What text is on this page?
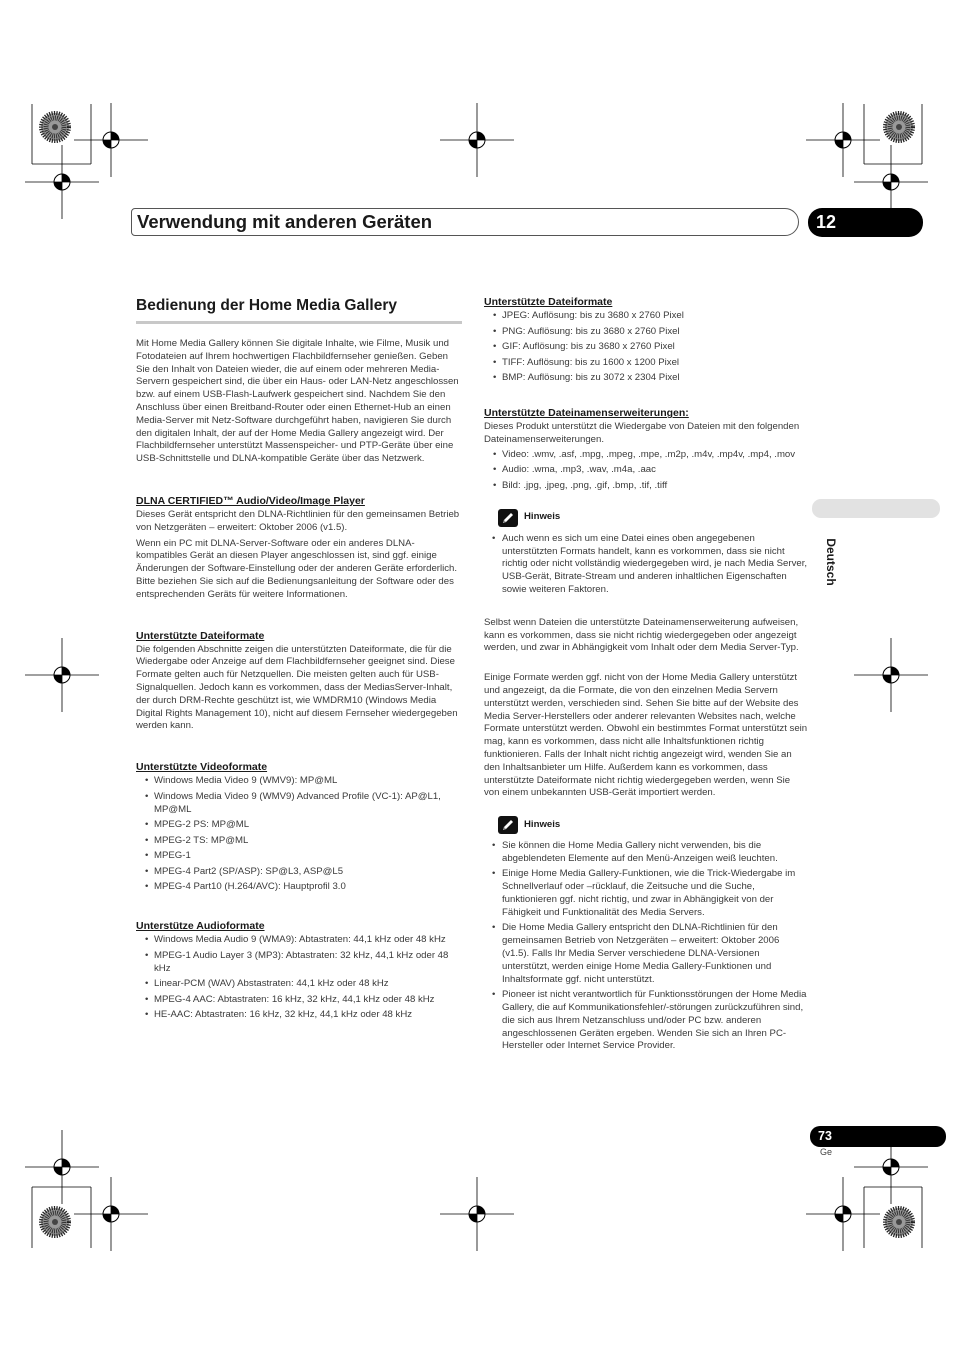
Verwendung mit anderen Geräten	12
Deutsch
Bedienung der Home Media Gallery

Mit Home Media Gallery können Sie digitale Inhalte, wie Filme, Musik und Fotodateien auf Ihrem hochwertigen Flachbildfernseher genießen. Geben Sie den Inhalt von Dateien wieder, die auf einem oder mehreren Media-Servern gespeichert sind, die über ein Haus- oder LAN-Netz angeschlossen bzw. auf einem USB-Flash-Laufwerk gespeichert sind. Nachdem Sie den Anschluss über einen Breitband-Router oder einen Ethernet-Hub an einen Media-Server mit Netz-Software durchgeführt haben, navigieren Sie durch den digitalen Inhalt, der auf der Home Media Gallery angezeigt wird. Der Flachbildfernseher unterstützt Massenspeicher- und PTP-Geräte über eine USB-Schnittstelle und DLNA-kompatible Geräte über das Netzwerk.

DLNA CERTIFIED™ Audio/Video/Image Player

Dieses Gerät entspricht den DLNA-Richtlinien für den gemeinsamen Betrieb von Netzgeräten – erweitert: Oktober 2006 (v1.5).

Wenn ein PC mit DLNA-Server-Software oder ein anderes DLNA-kompatibles Gerät an diesen Player angeschlossen ist, sind ggf. einige Änderungen der Software-Einstellung oder der anderen Geräte erforderlich. Bitte beziehen Sie sich auf die Bedienungsanleitung der Software oder des entsprechenden Geräts für weitere Informationen.

Unterstützte Dateiformate

Die folgenden Abschnitte zeigen die unterstützten Dateiformate, die für die Wiedergabe oder Anzeige auf dem Flachbildfernseher geeignet sind. Diese Formate gelten auch für Netzquellen. Die meisten gelten auch für USB-Signalquellen. Jedoch kann es vorkommen, dass der MediasServer-Inhalt, der durch DRM-Rechte geschützt ist, wie WMDRM10 (Windows Media Digital Rights Management 10), nicht auf diesem Fernseher wiedergegeben werden kann.

Unterstützte Videoformate
• Windows Media Video 9 (WMV9): MP@ML
• Windows Media Video 9 (WMV9) Advanced Profile (VC-1): AP@L1, MP@ML
• MPEG-2 PS: MP@ML
• MPEG-2 TS: MP@ML
• MPEG-1
• MPEG-4 Part2 (SP/ASP): SP@L3, ASP@L5
• MPEG-4 Part10 (H.264/AVC): Hauptprofil 3.0
Unterstütze Audioformate
• Windows Media Audio 9 (WMA9): Abtastraten: 44,1 kHz oder 48 kHz
• MPEG-1 Audio Layer 3 (MP3): Abtastraten: 32 kHz, 44,1 kHz oder 48 kHz
• Linear-PCM (WAV) Abstastraten: 44,1 kHz oder 48 kHz
• MPEG-4 AAC: Abtastraten: 16 kHz, 32 kHz, 44,1 kHz oder 48 kHz
• HE-AAC: Abtastraten: 16 kHz, 32 kHz, 44,1 kHz oder 48 kHz
Unterstützte Dateiformate
• JPEG: Auflösung: bis zu 3680 x 2760 Pixel
• PNG: Auflösung: bis zu 3680 x 2760 Pixel
• GIF: Auflösung: bis zu 3680 x 2760 Pixel
• TIFF: Auflösung: bis zu 1600 x 1200 Pixel
• BMP: Auflösung: bis zu 3072 x 2304 Pixel
Unterstützte Dateinamenserweiterungen:

Dieses Produkt unterstützt die Wiedergabe von Dateien mit den folgenden Dateinamenserweiterungen.

• Video: .wmv, .asf, .mpg, .mpeg, .mpe, .m2p, .m4v, .mp4v, .mp4, .mov
• Audio: .wma, .mp3, .wav, .m4a, .aac
• Bild: .jpg, .jpeg, .png, .gif, .bmp, .tif, .tiff
Hinweis
• Auch wenn es sich um eine Datei eines oben angegebenen unterstützten Formats handelt, kann es vorkommen, dass sie nicht richtig oder nicht vollständig wiedergegeben wird, je nach Media Server, USB-Gerät, Bitrate-Stream und anderen inhaltlichen Eigenschaften sowie weiteren Faktoren.

Selbst wenn Dateien die unterstützte Dateinamenserweiterung aufweisen, kann es vorkommen, dass sie nicht richtig wiedergegeben oder angezeigt werden, und zwar in Abhängigkeit vom Inhalt oder dem Media Server-Typ.

Einige Formate werden ggf. nicht von der Home Media Gallery unterstützt und angezeigt, da die Formate, die von den einzelnen Media Servern unterstützt werden, verschieden sind. Sehen Sie bitte auf der Website des Media Server-Herstellers oder anderer relevanten Websites nach, welche Formate unterstützt werden. Obwohl ein bestimmtes Format unterstützt sein mag, kann es vorkommen, dass nicht alle Inhaltsfunktionen richtig funktionieren. Falls der Inhalt nicht richtig angezeigt wird, wenden Sie an den Inhaltsanbieter um Hilfe. Außerdem kann es vorkommen, dass unterstützte Dateiformate nicht richtig wiedergegeben werden, wenn Sie von einem unbekannten USB-Gerät importiert werden.

Hinweis
• Sie können die Home Media Gallery nicht verwenden, bis die abgeblendeten Elemente auf den Menü-Anzeigen weiß leuchten.
• Einige Home Media Gallery-Funktionen, wie die Trick-Wiedergabe im Schnellverlauf oder –rücklauf, die Zeitsuche und die Suche, funktionieren ggf. nicht richtig, und zwar in Abhängigkeit von der Fähigkeit und Funktionalität des Media Servers.
• Die Home Media Gallery entspricht den DLNA-Richtlinien für den gemeinsamen Betrieb von Netzgeräten – erweitert: Oktober 2006 (v1.5). Falls Ihr Media Server verschiedene DLNA-Versionen unterstützt, werden einige Home Media Gallery-Funktionen und Inhaltsformate ggf. nicht unterstützt.
• Pioneer ist nicht verantwortlich für Funktionsstörungen der Home Media Gallery, die auf Kommunikationsfehler/-störungen zurückzuführen sind, die sich aus Ihrem Netzanschluss und/oder PC bzw. anderen angeschlossenen Geräten ergeben. Wenden Sie sich an Ihren PC-Hersteller oder Internet Service Provider.
73
Ge
